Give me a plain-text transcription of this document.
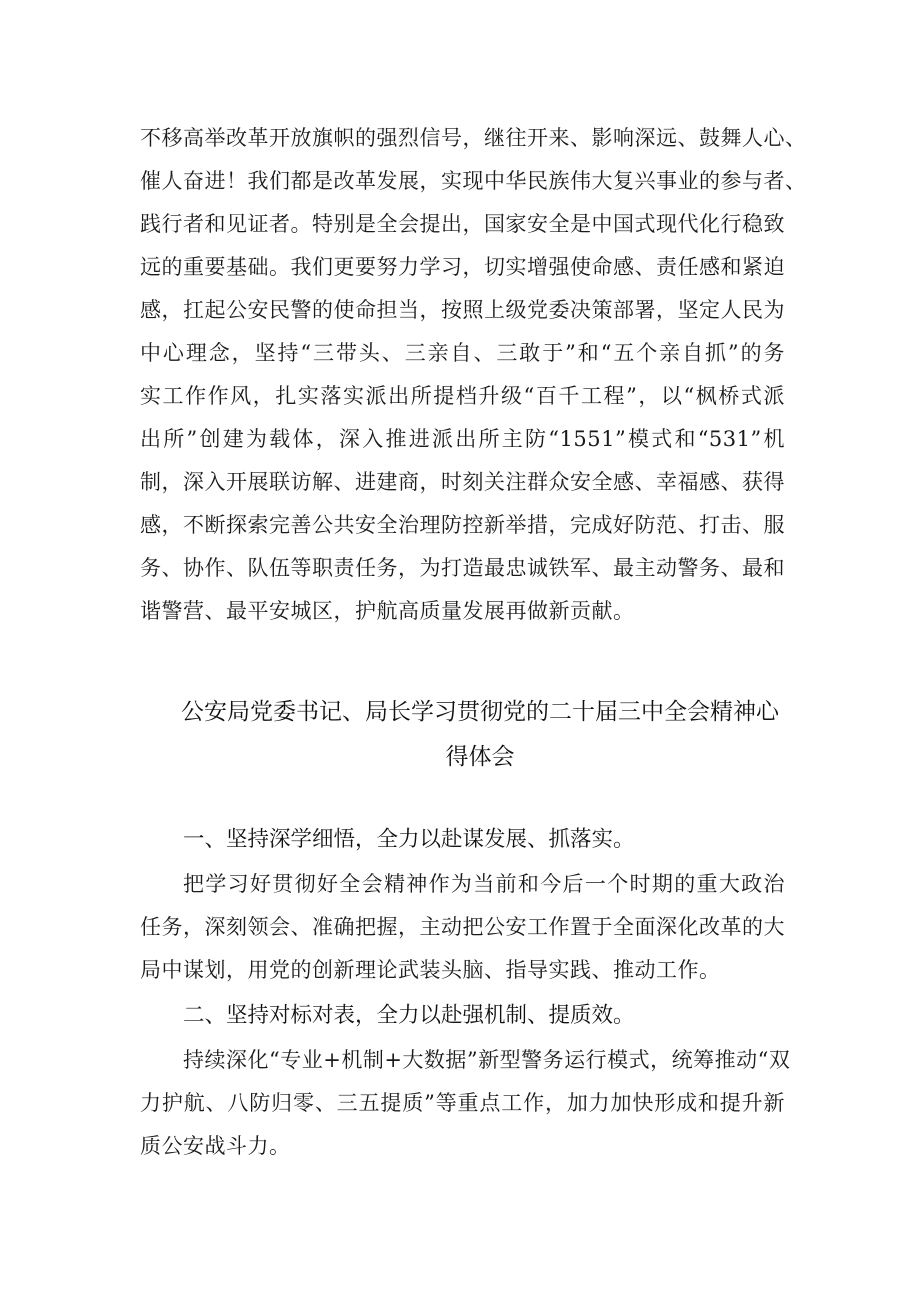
不移高举改革开放旗帜的强烈信号，继往开来、影响深远、鼓舞人心、
催人奋进！我们都是改革发展，实现中华民族伟大复兴事业的参与者、
践行者和见证者。特别是全会提出，国家安全是中国式现代化行稳致
远的重要基础。我们更要努力学习，切实增强使命感、责任感和紧迫
感，扛起公安民警的使命担当，按照上级党委决策部署，坚定人民为
中心理念，坚持“三带头、三亲自、三敢于”和“五个亲自抓”的务
实工作作风，扎实落实派出所提档升级“百千工程”，以“枫桥式派
出所”创建为载体，深入推进派出所主防“1551”模式和“531”机
制，深入开展联访解、进建商，时刻关注群众安全感、幸福感、获得
感，不断探索完善公共安全治理防控新举措，完成好防范、打击、服
务、协作、队伍等职责任务，为打造最忠诚铁军、最主动警务、最和
谐警营、最平安城区，护航高质量发展再做新贡献。
公安局党委书记、局长学习贯彻党的二十届三中全会精神心
得体会
一、坚持深学细悟，全力以赴谋发展、抓落实。
把学习好贯彻好全会精神作为当前和今后一个时期的重大政治
任务，深刻领会、准确把握，主动把公安工作置于全面深化改革的大
局中谋划，用党的创新理论武装头脑、指导实践、推动工作。
二、坚持对标对表，全力以赴强机制、提质效。
持续深化“专业+机制+大数据”新型警务运行模式，统筹推动“双
力护航、八防归零、三五提质”等重点工作，加力加快形成和提升新
质公安战斗力。
